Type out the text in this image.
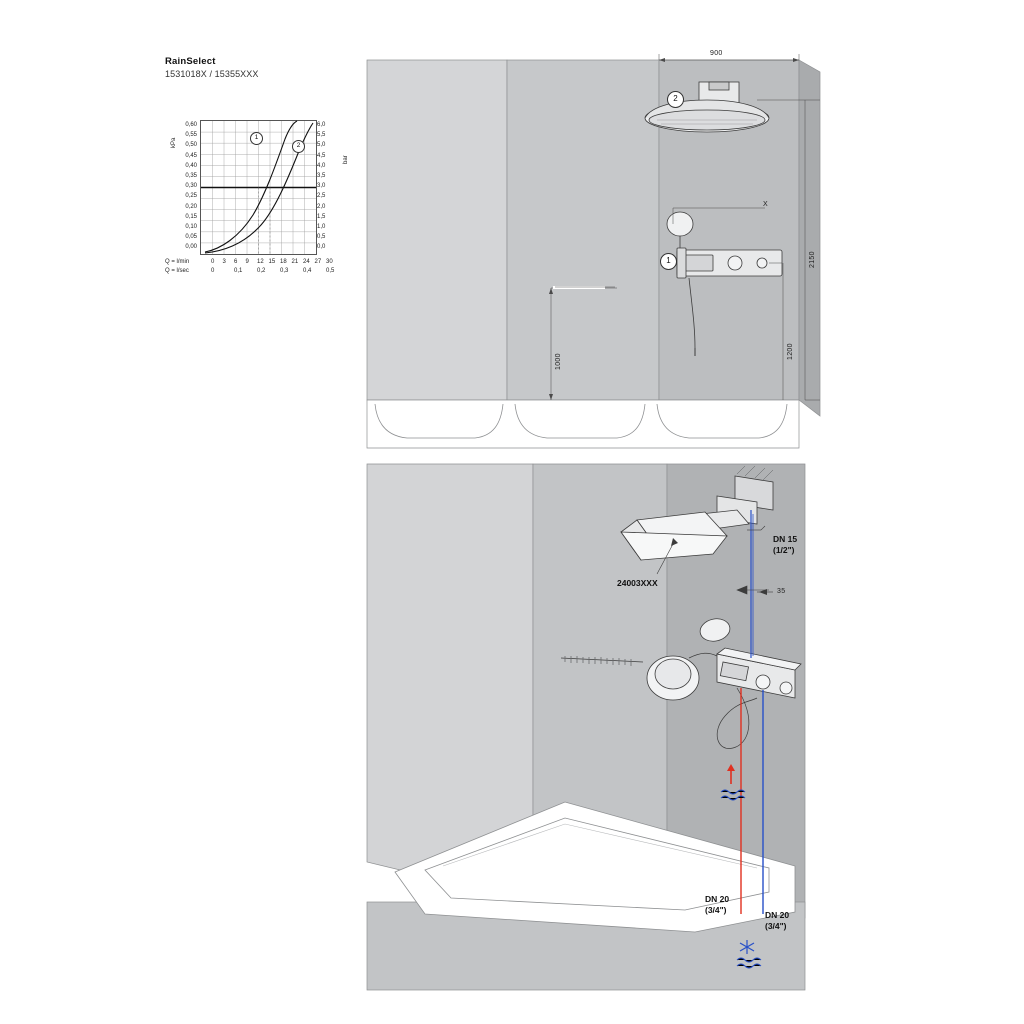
RainSelect
1531018X / 15355XXX
kPa
bar
0,60
0,55
0,50
0,45
0,40
0,35
0,30
0,25
0,20
0,15
0,10
0,05
0,00
6,0
5,5
5,0
4,5
4,0
3,5
3,0
2,5
2,0
1,5
1,0
0,5
0,0
1
2
Q = l/min	0 3 6 9 12 15 18 21 24 27 30
Q = l/sec	0	0,1 0,2 0,3 0,4 0,5
2
1
900
2150
1200
1000
X
24003XXX
DN 15
(1/2")
35
DN 20
(3/4")	DN 20
(3/4")
